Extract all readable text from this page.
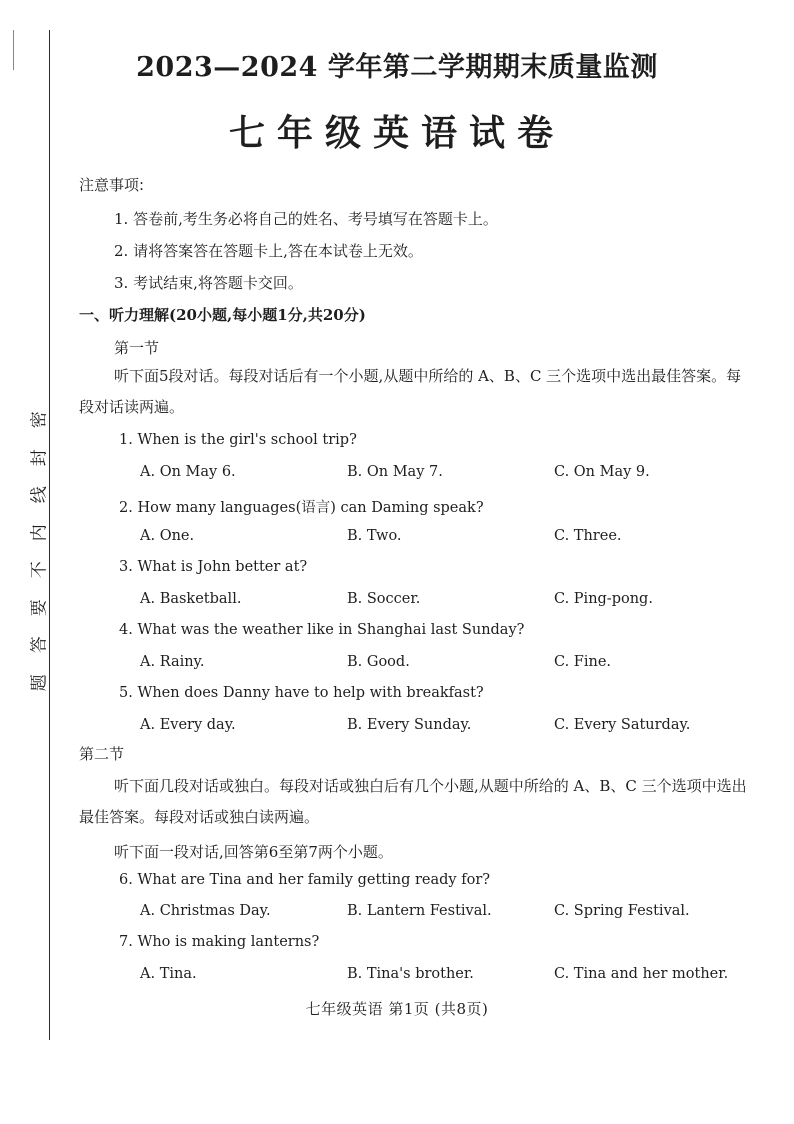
密
封
线
内
不
要
答
题
2023—2024 学年第二学期期末质量监测
七年级英语试卷
注意事项:
1. 答卷前,考生务必将自己的姓名、考号填写在答题卡上。
2. 请将答案答在答题卡上,答在本试卷上无效。
3. 考试结束,将答题卡交回。
一、听力理解(20小题,每小题1分,共20分)
第一节
听下面5段对话。每段对话后有一个小题,从题中所给的 A、B、C 三个选项中选出最佳答案。每段对话读两遍。
1. When is the girl's school trip?
A. On May 6.	B. On May 7.	C. On May 9.
2. How many languages(语言) can Daming speak?
A. One.	B. Two.	C. Three.
3. What is John better at?
A. Basketball.	B. Soccer.	C. Ping-pong.
4. What was the weather like in Shanghai last Sunday?
A. Rainy.	B. Good.	C. Fine.
5. When does Danny have to help with breakfast?
A. Every day.	B. Every Sunday.	C. Every Saturday.
第二节
听下面几段对话或独白。每段对话或独白后有几个小题,从题中所给的 A、B、C 三个选项中选出最佳答案。每段对话或独白读两遍。
听下面一段对话,回答第6至第7两个小题。
6. What are Tina and her family getting ready for?
A. Christmas Day.	B. Lantern Festival.	C. Spring Festival.
7. Who is making lanterns?
A. Tina.	B. Tina's brother.	C. Tina and her mother.
七年级英语 第1页 (共8页)
